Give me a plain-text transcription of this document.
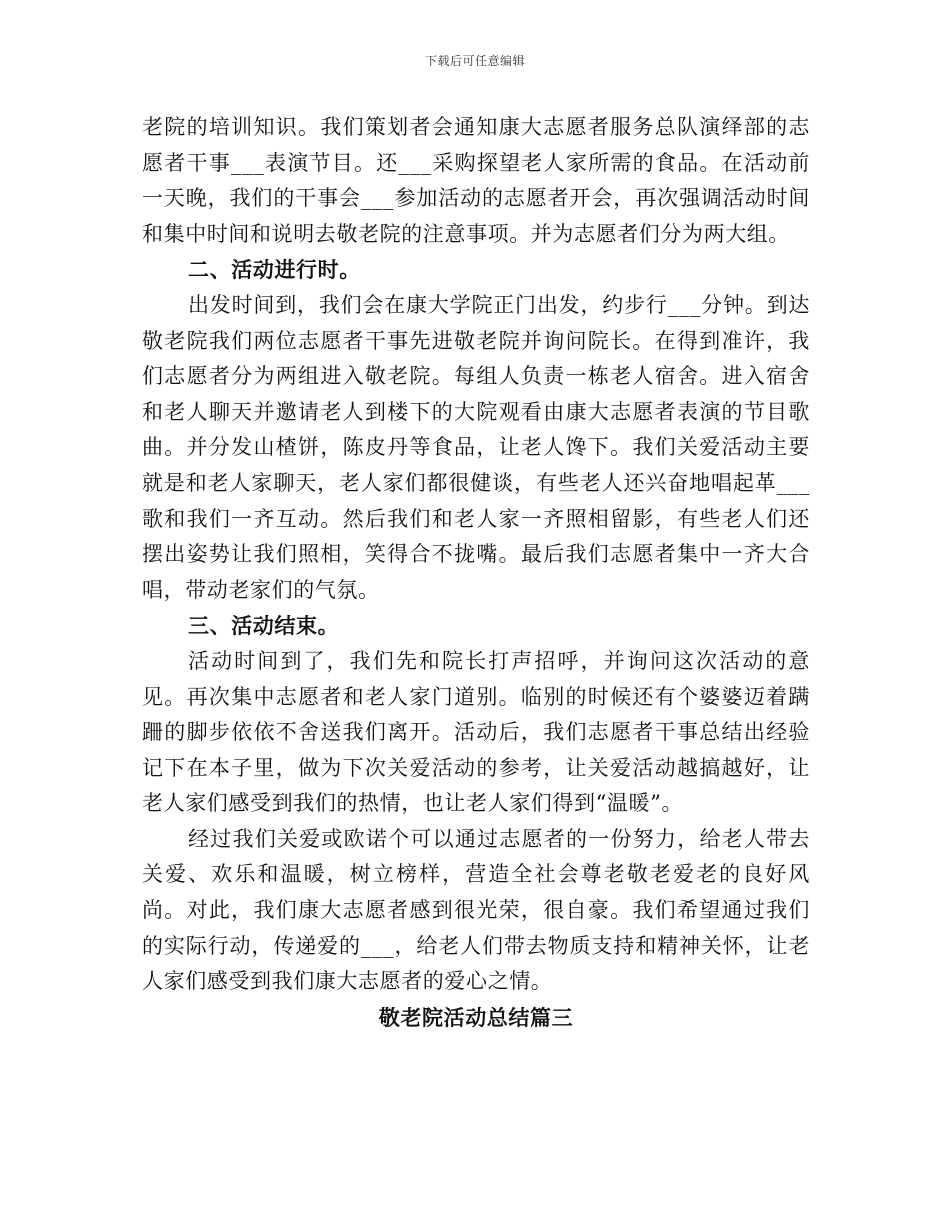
下载后可任意编辑

老院的培训知识。我们策划者会通知康大志愿者服务总队演绎部的志愿者干事___表演节目。还___采购探望老人家所需的食品。在活动前一天晚，我们的干事会___参加活动的志愿者开会，再次强调活动时间和集中时间和说明去敬老院的注意事项。并为志愿者们分为两大组。

二、活动进行时。

出发时间到，我们会在康大学院正门出发，约步行___分钟。到达敬老院我们两位志愿者干事先进敬老院并询问院长。在得到准许，我们志愿者分为两组进入敬老院。每组人负责一栋老人宿舍。进入宿舍和老人聊天并邀请老人到楼下的大院观看由康大志愿者表演的节目歌曲。并分发山楂饼，陈皮丹等食品，让老人馋下。我们关爱活动主要就是和老人家聊天，老人家们都很健谈，有些老人还兴奋地唱起革___歌和我们一齐互动。然后我们和老人家一齐照相留影，有些老人们还摆出姿势让我们照相，笑得合不拢嘴。最后我们志愿者集中一齐大合唱，带动老家们的气氛。

三、活动结束。

活动时间到了，我们先和院长打声招呼，并询问这次活动的意见。再次集中志愿者和老人家门道别。临别的时候还有个婆婆迈着蹒跚的脚步依依不舍送我们离开。活动后，我们志愿者干事总结出经验记下在本子里，做为下次关爱活动的参考，让关爱活动越搞越好，让老人家们感受到我们的热情，也让老人家们得到“温暖”。

经过我们关爱或欧诺个可以通过志愿者的一份努力，给老人带去关爱、欢乐和温暖，树立榜样，营造全社会尊老敬老爱老的良好风尚。对此，我们康大志愿者感到很光荣，很自豪。我们希望通过我们的实际行动，传递爱的___，给老人们带去物质支持和精神关怀，让老人家们感受到我们康大志愿者的爱心之情。

敬老院活动总结篇三
